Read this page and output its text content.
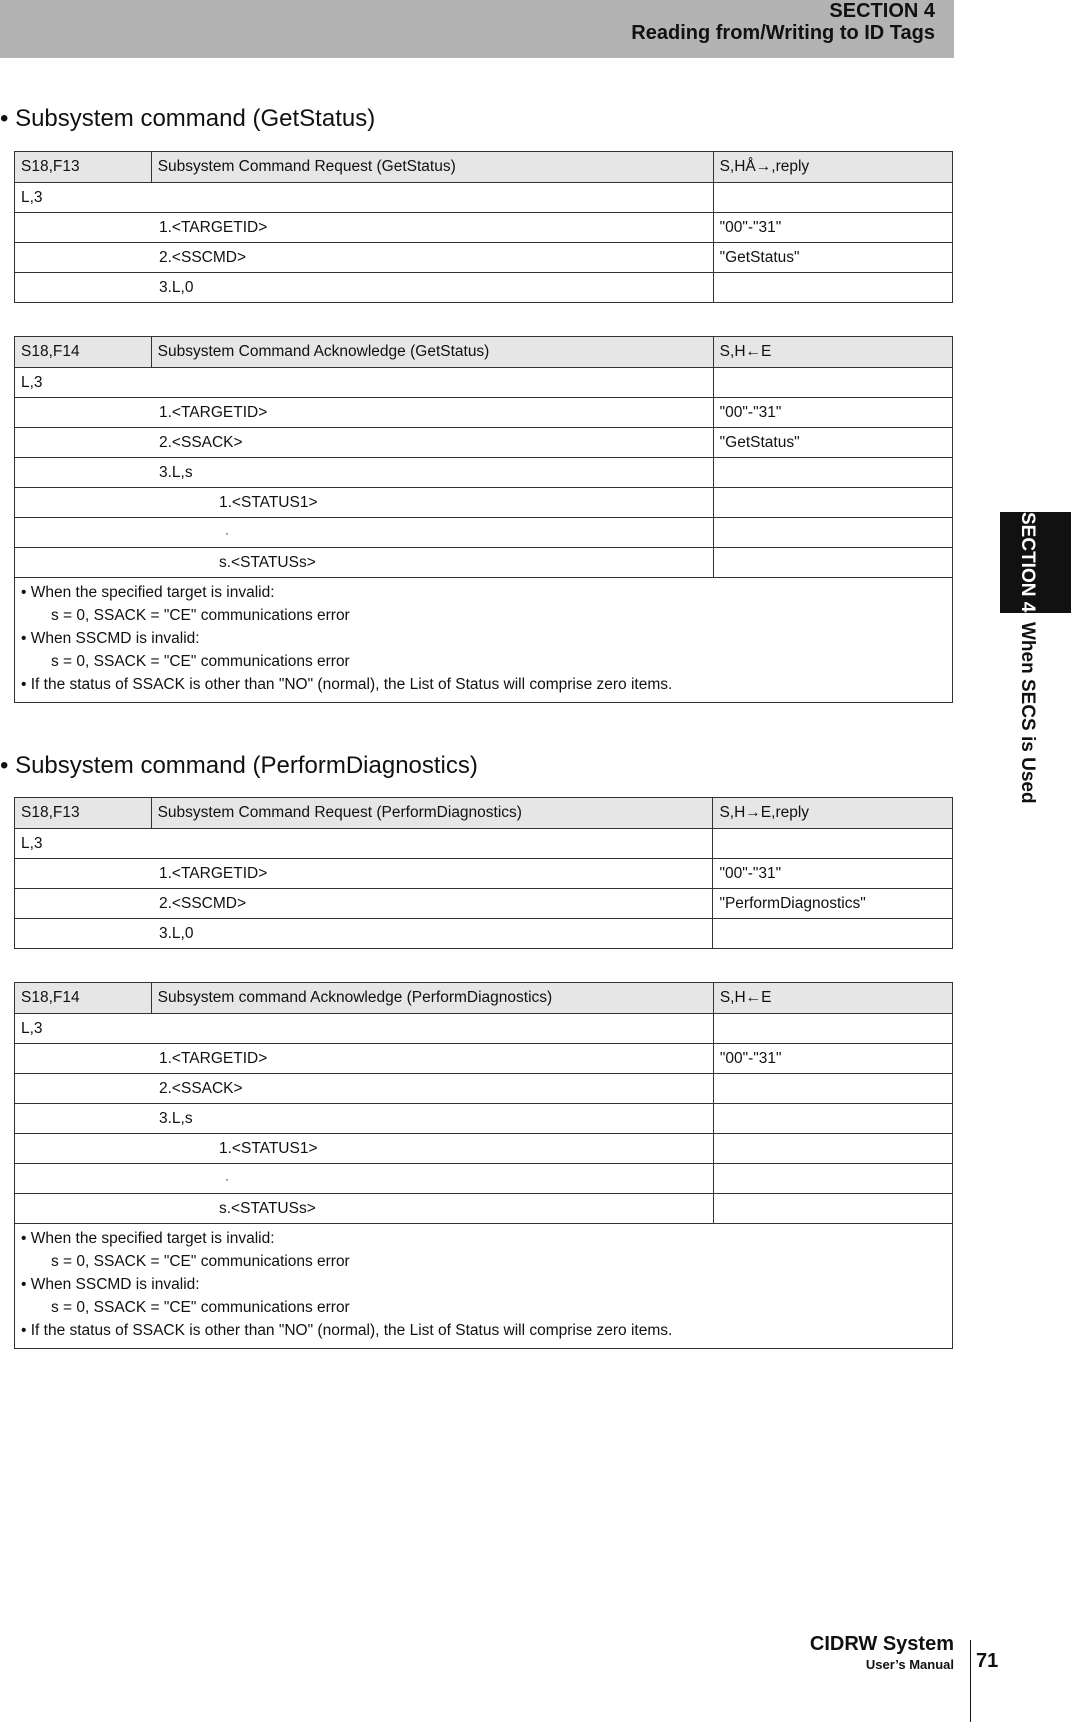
SECTION 4
Reading from/Writing to ID Tags
SECTION 4
When SECS is Used
• Subsystem command (GetStatus)
S18,F13	Subsystem Command Request (GetStatus)	S,HÅ→,reply
L,3		
1.<TARGETID>		"00"-"31"
2.<SSCMD>		"GetStatus"
3.L,0		
S18,F14	Subsystem Command Acknowledge (GetStatus)	S,H←E
L,3		
1.<TARGETID>		"00"-"31"
2.<SSACK>		"GetStatus"
3.L,s		
1.<STATUS1>		
·		
s.<STATUSs>		

• When the specified target is invalid:
s = 0, SSACK = "CE" communications error
• When SSCMD is invalid:
s = 0, SSACK = "CE" communications error
• If the status of SSACK is other than "NO" (normal), the List of Status will comprise zero items.		
• Subsystem command (PerformDiagnostics)
S18,F13	Subsystem Command Request (PerformDiagnostics)	S,H→E,reply
L,3		
1.<TARGETID>		"00"-"31"
2.<SSCMD>		"PerformDiagnostics"
3.L,0		
S18,F14	Subsystem command Acknowledge (PerformDiagnostics)	S,H←E
L,3		
1.<TARGETID>		"00"-"31"
2.<SSACK>		
3.L,s		
1.<STATUS1>		
·		
s.<STATUSs>		

• When the specified target is invalid:
s = 0, SSACK = "CE" communications error
• When SSCMD is invalid:
s = 0, SSACK = "CE" communications error
• If the status of SSACK is other than "NO" (normal), the List of Status will comprise zero items.		
CIDRW System
User’s Manual 71
